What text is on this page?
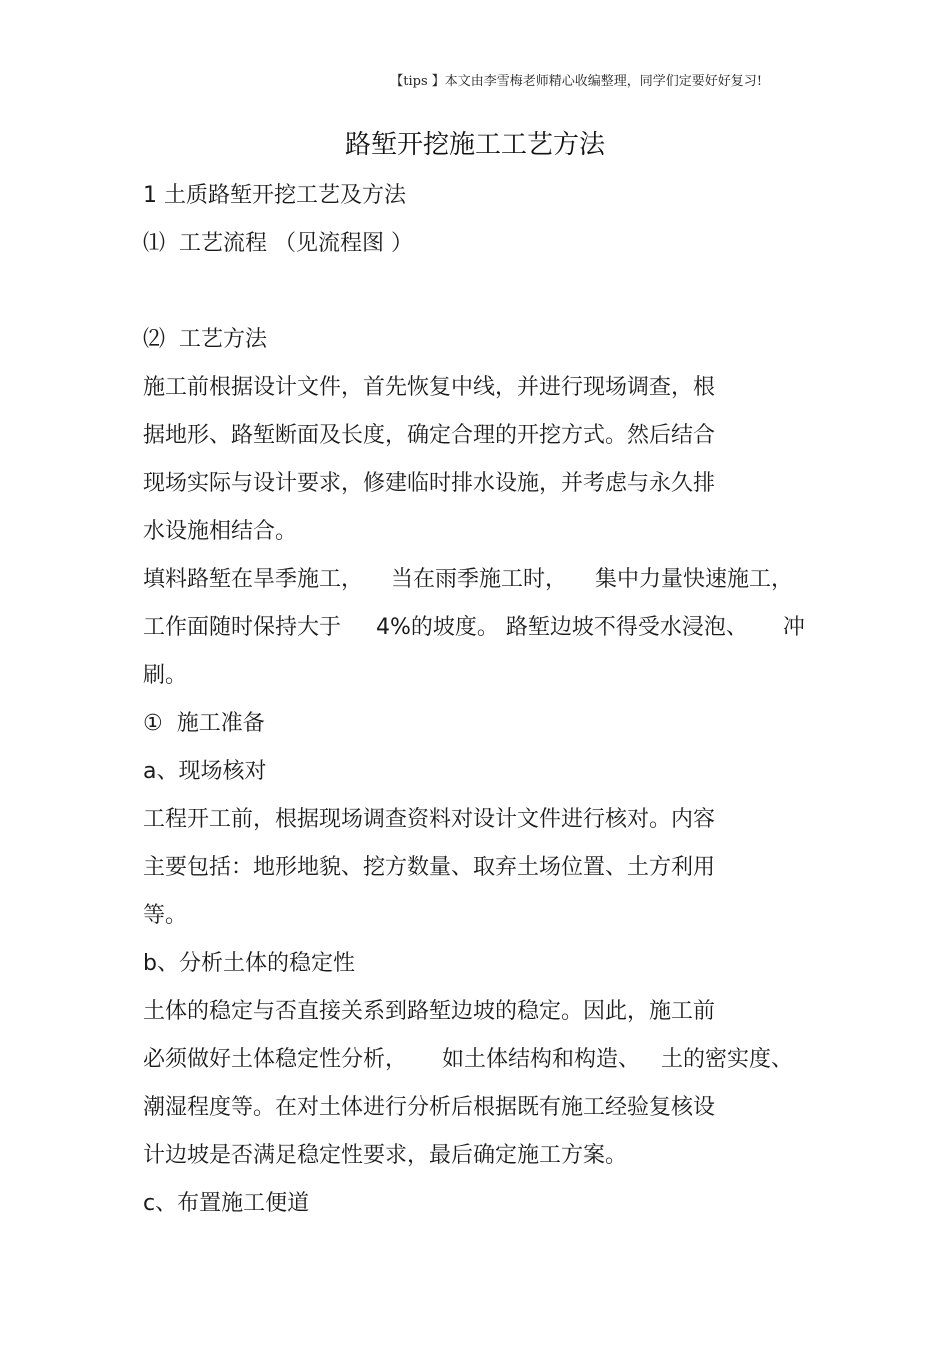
【tips 】本文由李雪梅老师精心收编整理，同学们定要好好复习!
路堑开挖施工工艺方法
1 土质路堑开挖工艺及方法
⑴  工艺流程 （见流程图 ）
⑵  工艺方法
施工前根据设计文件，首先恢复中线，并进行现场调查，根
据地形、路堑断面及长度，确定合理的开挖方式。然后结合
现场实际与设计要求，修建临时排水设施，并考虑与永久排
水设施相结合。
填料路堑在旱季施工，    当在雨季施工时，    集中力量快速施工，
工作面随时保持大于     4%的坡度。 路堑边坡不得受水浸泡、     冲
刷。
①  施工准备
a、现场核对
工程开工前，根据现场调查资料对设计文件进行核对。内容
主要包括：地形地貌、挖方数量、取弃土场位置、土方利用
等。
b、分析土体的稳定性
土体的稳定与否直接关系到路堑边坡的稳定。因此，施工前
必须做好土体稳定性分析，     如土体结构和构造、   土的密实度、
潮湿程度等。在对土体进行分析后根据既有施工经验复核设
计边坡是否满足稳定性要求，最后确定施工方案。
c、布置施工便道
